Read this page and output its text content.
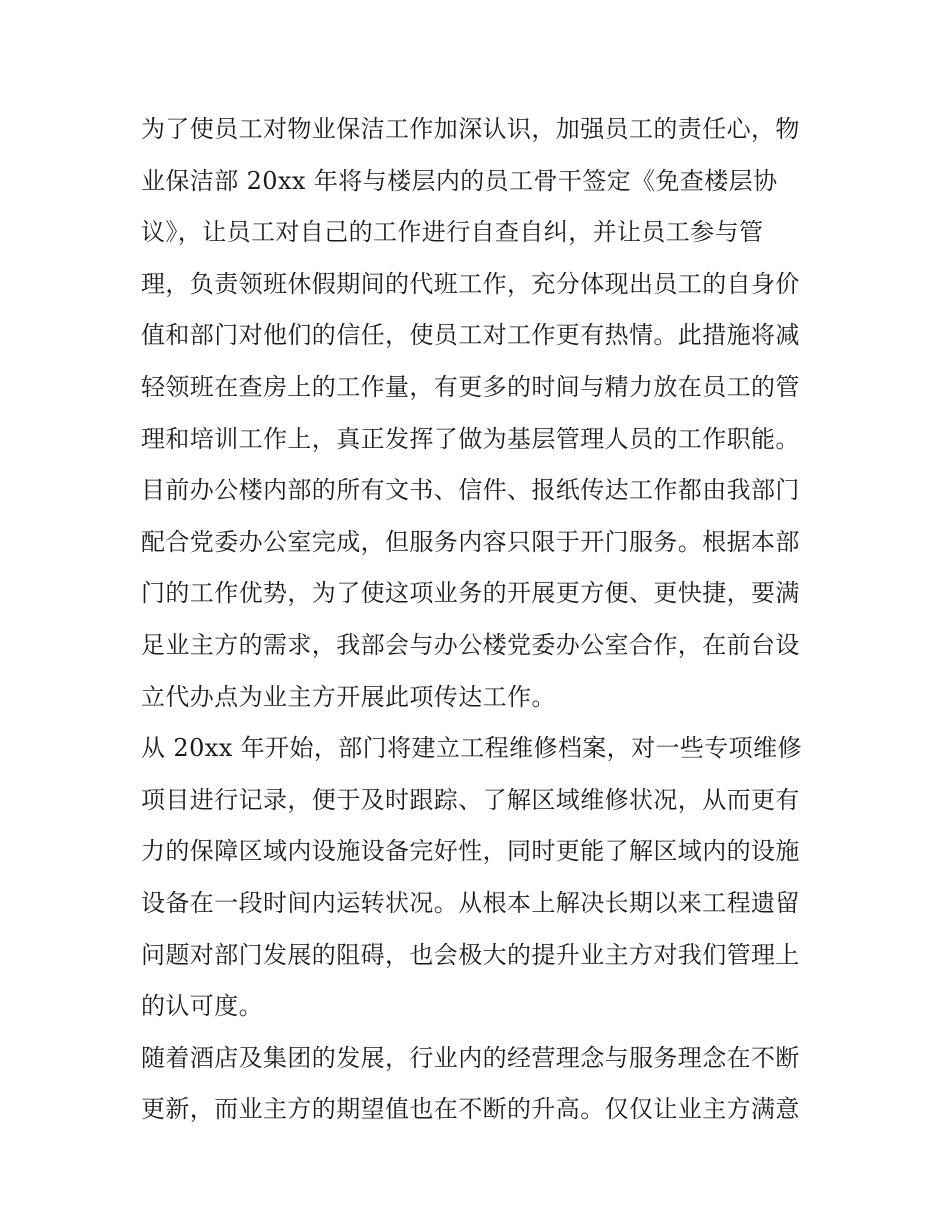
为了使员工对物业保洁工作加深认识，加强员工的责任心，物
业保洁部 20xx 年将与楼层内的员工骨干签定《免查楼层协
议》，让员工对自己的工作进行自查自纠，并让员工参与管
理，负责领班休假期间的代班工作，充分体现出员工的自身价
值和部门对他们的信任，使员工对工作更有热情。此措施将减
轻领班在查房上的工作量，有更多的时间与精力放在员工的管
理和培训工作上，真正发挥了做为基层管理人员的工作职能。
目前办公楼内部的所有文书、信件、报纸传达工作都由我部门
配合党委办公室完成，但服务内容只限于开门服务。根据本部
门的工作优势，为了使这项业务的开展更方便、更快捷，要满
足业主方的需求，我部会与办公楼党委办公室合作，在前台设
立代办点为业主方开展此项传达工作。
从 20xx 年开始，部门将建立工程维修档案，对一些专项维修
项目进行记录，便于及时跟踪、了解区域维修状况，从而更有
力的保障区域内设施设备完好性，同时更能了解区域内的设施
设备在一段时间内运转状况。从根本上解决长期以来工程遗留
问题对部门发展的阻碍，也会极大的提升业主方对我们管理上
的认可度。
随着酒店及集团的发展，行业内的经营理念与服务理念在不断
更新，而业主方的期望值也在不断的升高。仅仅让业主方满意
